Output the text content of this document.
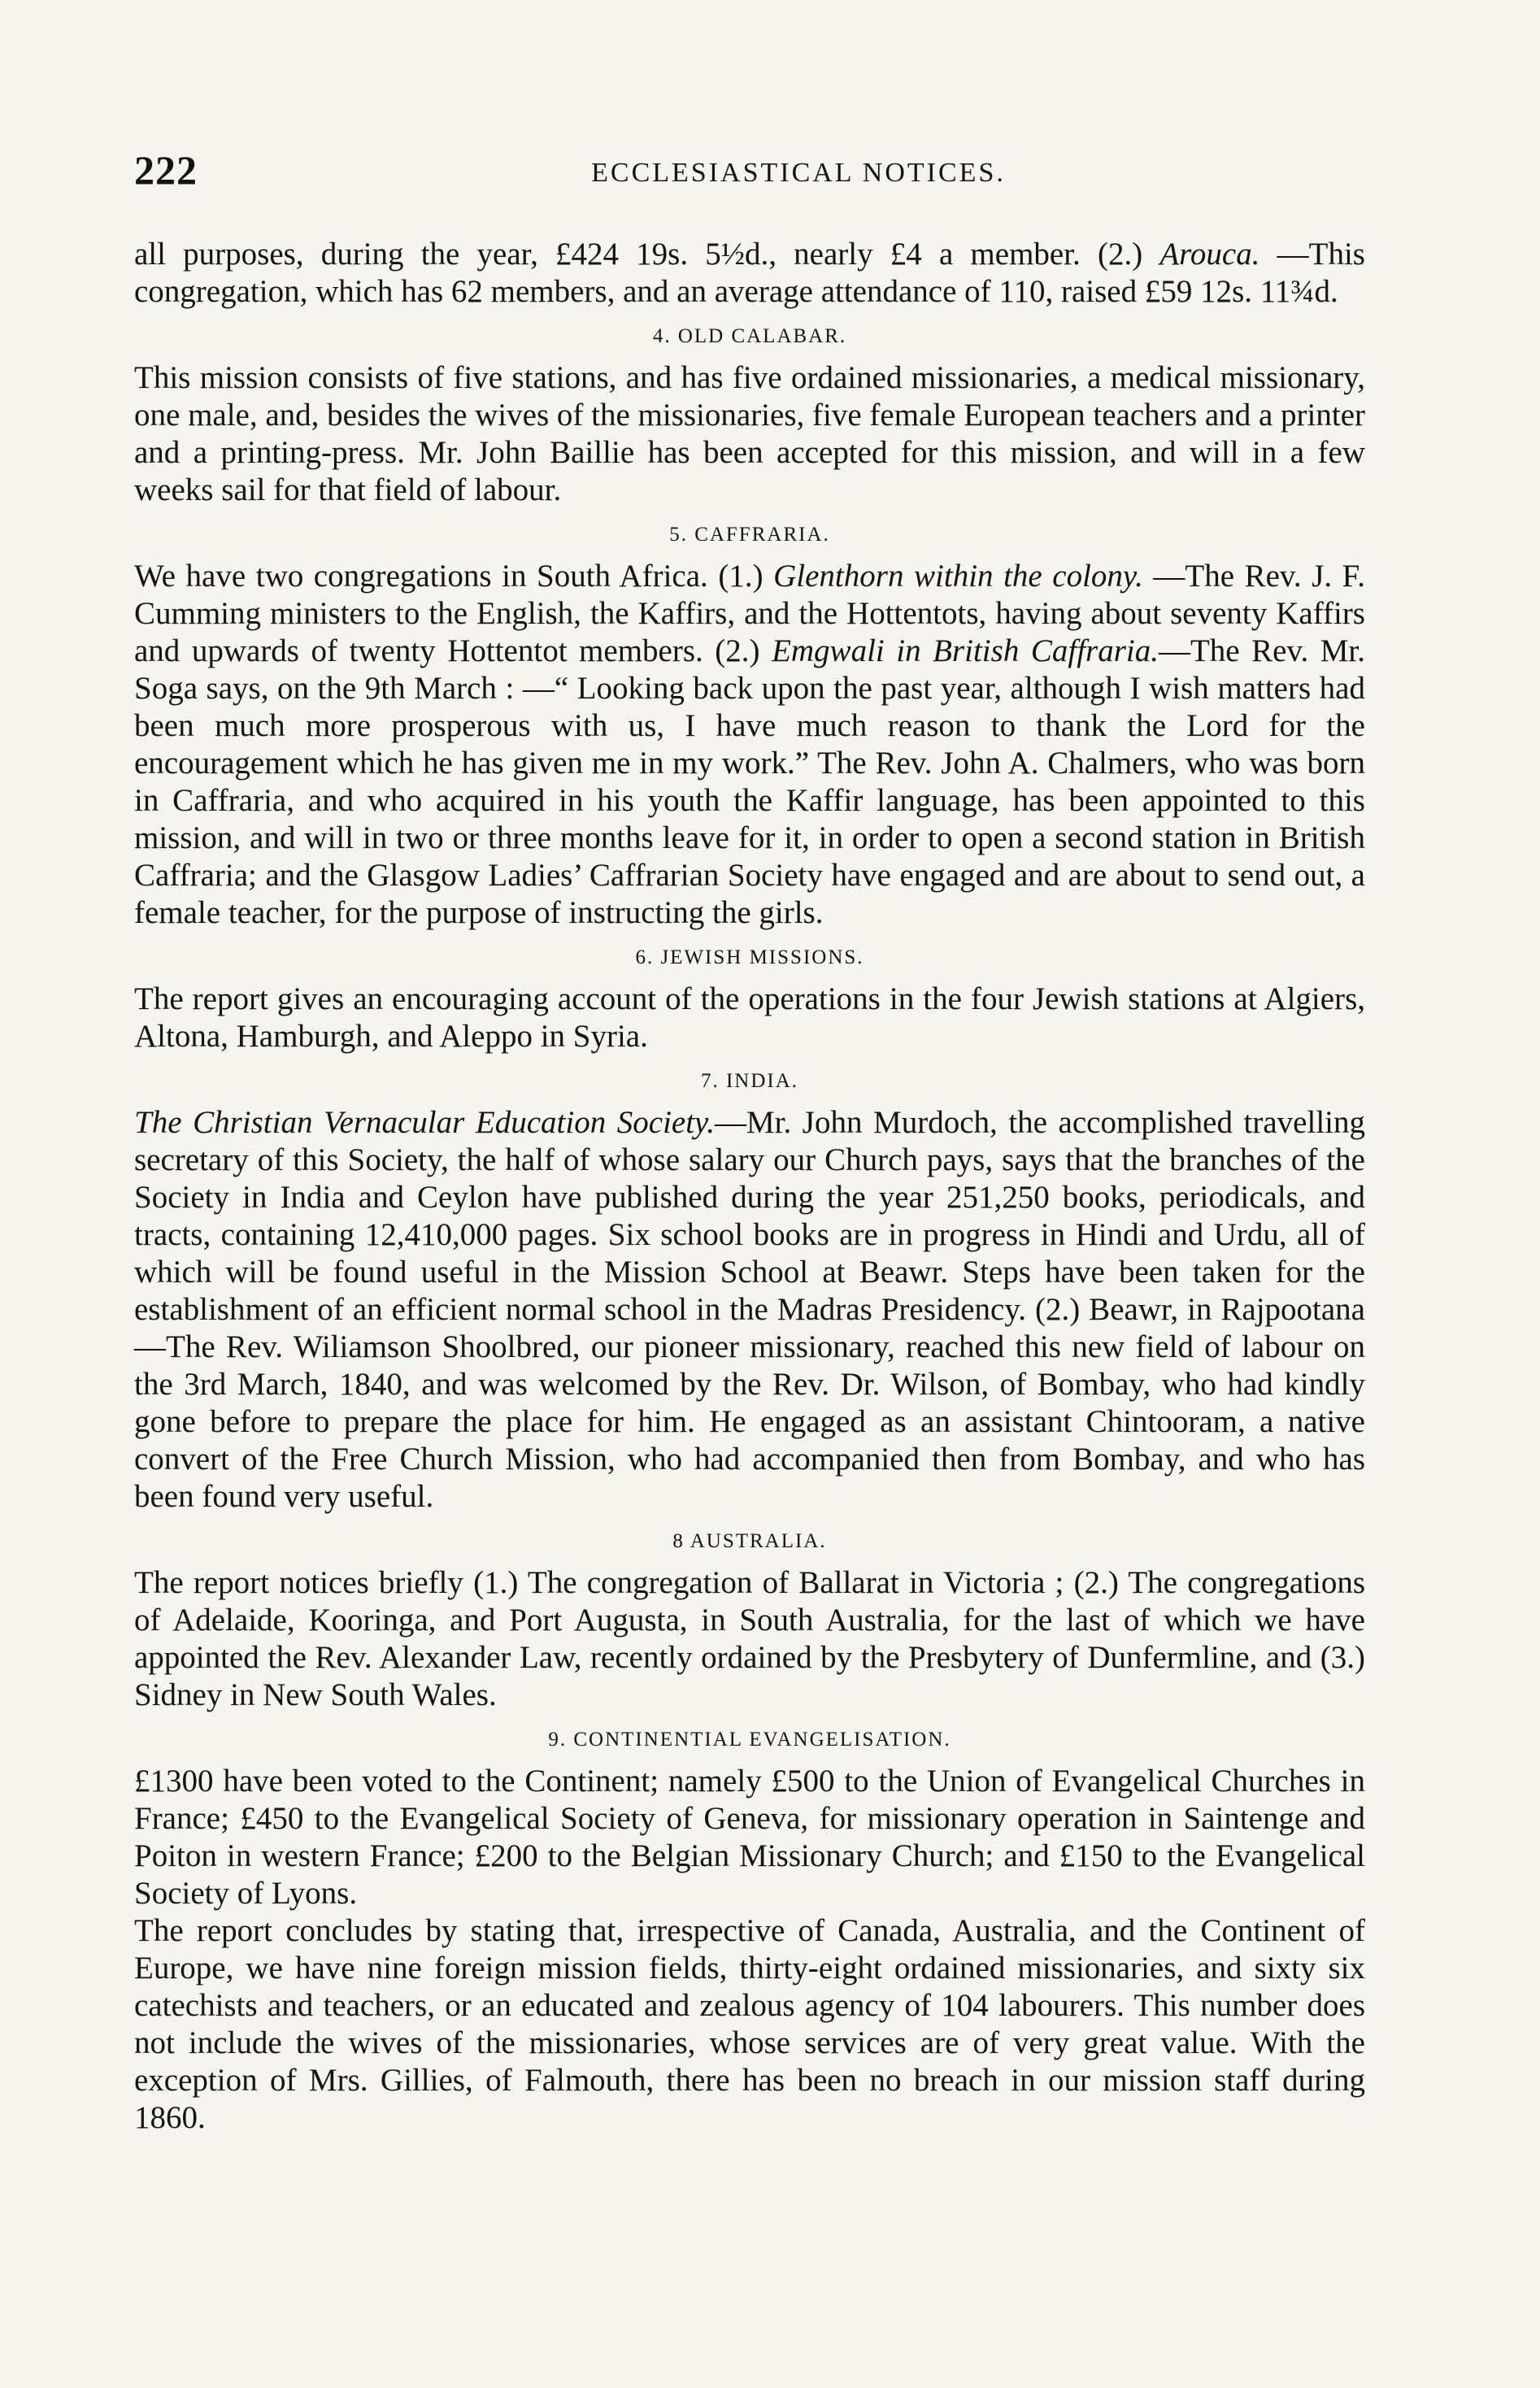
222	ECCLESIASTICAL NOTICES.

all purposes, during the year, £424 19s. 5½d., nearly £4 a member. (2.) Arouca. —This congregation, which has 62 members, and an average attendance of 110, raised £59 12s. 11¾d.

4. OLD CALABAR.

This mission consists of five stations, and has five ordained missionaries, a medical missionary, one male, and, besides the wives of the missionaries, five female European teachers and a printer and a printing-press. Mr. John Baillie has been accepted for this mission, and will in a few weeks sail for that field of labour.

5. CAFFRARIA.

We have two congregations in South Africa. (1.) Glenthorn within the colony. —The Rev. J. F. Cumming ministers to the English, the Kaffirs, and the Hottentots, having about seventy Kaffirs and upwards of twenty Hottentot members. (2.) Emgwali in British Caffraria.—The Rev. Mr. Soga says, on the 9th March : —“ Looking back upon the past year, although I wish matters had been much more prosperous with us, I have much reason to thank the Lord for the encouragement which he has given me in my work.” The Rev. John A. Chalmers, who was born in Caffraria, and who acquired in his youth the Kaffir language, has been appointed to this mission, and will in two or three months leave for it, in order to open a second station in British Caffraria; and the Glasgow Ladies’ Caffrarian Society have engaged and are about to send out, a female teacher, for the purpose of instructing the girls.

6. JEWISH MISSIONS.

The report gives an encouraging account of the operations in the four Jewish stations at Algiers, Altona, Hamburgh, and Aleppo in Syria.

7. INDIA.

The Christian Vernacular Education Society.—Mr. John Murdoch, the accomplished travelling secretary of this Society, the half of whose salary our Church pays, says that the branches of the Society in India and Ceylon have published during the year 251,250 books, periodicals, and tracts, containing 12,410,000 pages. Six school books are in progress in Hindi and Urdu, all of which will be found useful in the Mission School at Beawr. Steps have been taken for the establishment of an efficient normal school in the Madras Presidency. (2.) Beawr, in Rajpootana—The Rev. Wiliamson Shoolbred, our pioneer missionary, reached this new field of labour on the 3rd March, 1840, and was welcomed by the Rev. Dr. Wilson, of Bombay, who had kindly gone before to prepare the place for him. He engaged as an assistant Chintooram, a native convert of the Free Church Mission, who had accompanied then from Bombay, and who has been found very useful.

8 AUSTRALIA.

The report notices briefly (1.) The congregation of Ballarat in Victoria ; (2.) The congregations of Adelaide, Kooringa, and Port Augusta, in South Australia, for the last of which we have appointed the Rev. Alexander Law, recently ordained by the Presbytery of Dunfermline, and (3.) Sidney in New South Wales.

9. CONTINENTIAL EVANGELISATION.

£1300 have been voted to the Continent; namely £500 to the Union of Evangelical Churches in France; £450 to the Evangelical Society of Geneva, for missionary operation in Saintenge and Poiton in western France; £200 to the Belgian Missionary Church; and £150 to the Evangelical Society of Lyons.

The report concludes by stating that, irrespective of Canada, Australia, and the Continent of Europe, we have nine foreign mission fields, thirty-eight ordained missionaries, and sixty six catechists and teachers, or an educated and zealous agency of 104 labourers. This number does not include the wives of the missionaries, whose services are of very great value. With the exception of Mrs. Gillies, of Falmouth, there has been no breach in our mission staff during 1860.
